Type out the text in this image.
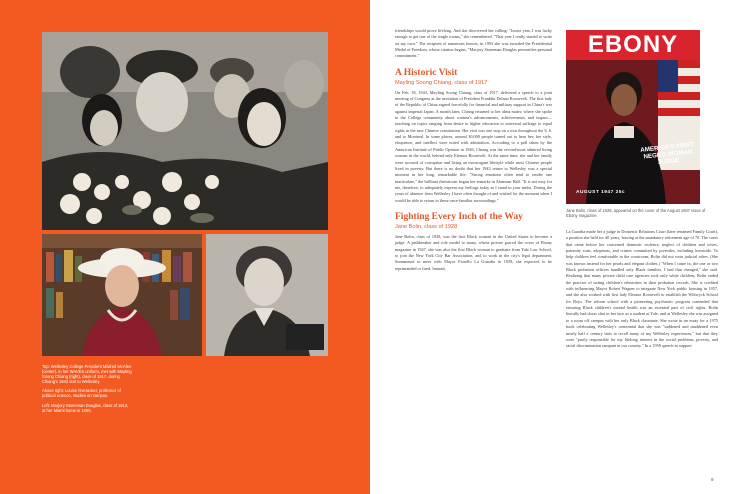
Top: Wellesley College President Mildred McAfee (center), in her WAVES uniform, met with Mayling Soong Chiang (right), class of 1917, during Chiang's 1943 visit to Wellesley.

Above right: Louise Overacker, professor of political science, studies on campus.

Left: Marjory Stoneman Douglas, class of 1912, at her Miami home in 1985.

friendships would prove lifelong. And she discovered her calling: "Junior year, I was lucky enough to get one of the single rooms," she remembered. "That year I really started to write on my own." The recipient of numerous honors, in 1993 she was awarded the Presidential Medal of Freedom, whose citation begins, "Marjory Stoneman Douglas personifies personal commitment."

A Historic Visit
Mayling Soong Chiang, class of 1917

On Feb. 18, 1943, Mayling Soong Chiang, class of 1917, delivered a speech to a joint meeting of Congress at the invitation of President Franklin Delano Roosevelt. The first lady of the Republic of China argued forcefully for financial and military support in China's war against imperial Japan. A month later, Chiang returned to her alma mater, where she spoke to the College community about women's advancements, achievements, and impact—touching on topics ranging from desire to higher education to universal suffrage to equal rights in the new Chinese constitution. Her visit was one stop on a tour throughout the U.S. and to Montreal. In some places, around 30,000 people turned out to hear her; her style, eloquence, and intellect were noted with admiration. According to a poll taken by the American Institute of Public Opinion in 1946, Chiang was the second-most admired living woman in the world, behind only Eleanor Roosevelt. At the same time, she and her family were accused of corruption and living an extravagant lifestyle while most Chinese people lived in poverty. But there is no doubt that her 1943 return to Wellesley was a special moment in her long, remarkable life: "Strong emotions often tend to render one inarticulate," the brilliant rhetorician began her remarks in Alumnae Hall. "It is not easy for me, therefore, to adequately express my feelings today as I stand in your midst. During the years of absence from Wellesley I have often thought of and wished for the moment when I would be able to return to these once-familiar surroundings."

Fighting Every Inch of the Way
Jane Bolin, class of 1928

Jane Bolin, class of 1928, was the first Black woman in the United States to become a judge. A pathbreaker and role model to many, whose picture graced the cover of Ebony magazine in 1947, she was also the first Black woman to graduate from Yale Law School, to join the New York City Bar Association, and to work in the city's legal department. Summoned to meet with Mayor Fiorello La Guardia in 1939, she expected to be reprimanded or fired. Instead,

EBONY
AMERICA'S FIRST NEGRO WOMAN JUDGE
AUGUST 1947 25c
Jane Bolin, class of 1928, appeared on the cover of the August 1947 issue of Ebony magazine.

La Guardia made her a judge in Domestic Relations Court (later renamed Family Court), a position she held for 40 years, leaving at the mandatory retirement age of 70. The cases that came before her concerned domestic violence, neglect of children and wives, paternity suits, adoptions, and crimes committed by juveniles, including homicide. To help children feel comfortable in the courtroom, Bolin did not wear judicial robes. (She was known instead for her pearls and elegant clothes.) "When I came in, the one or two Black probation officers handled only Black families. I had that changed," she said. Realizing that many private child care agencies took only white children, Bolin ended the practice of noting children's ethnicities in their probation records. She is credited with influencing Mayor Robert Wagner to integrate New York public housing in 1957, and she also worked with first lady Eleanor Roosevelt to establish the Wiltwyck School for Boys. The reform school with a pioneering psychiatric program contended that ensuring Black children's mental health was an essential part of civil rights. Bolin literally had doors shut in her face as a student at Yale, and at Wellesley she was assigned to a room off campus with her only Black classmate. She wrote in an essay for a 1975 book celebrating Wellesley's centennial that she was "saddened and maddened even nearly half a century later to recall many of my Wellesley experiences," but that they were "partly responsible for my lifelong interest in the social problems, poverty, and racial discrimination rampant in our country." In a 1958 speech in support

9
